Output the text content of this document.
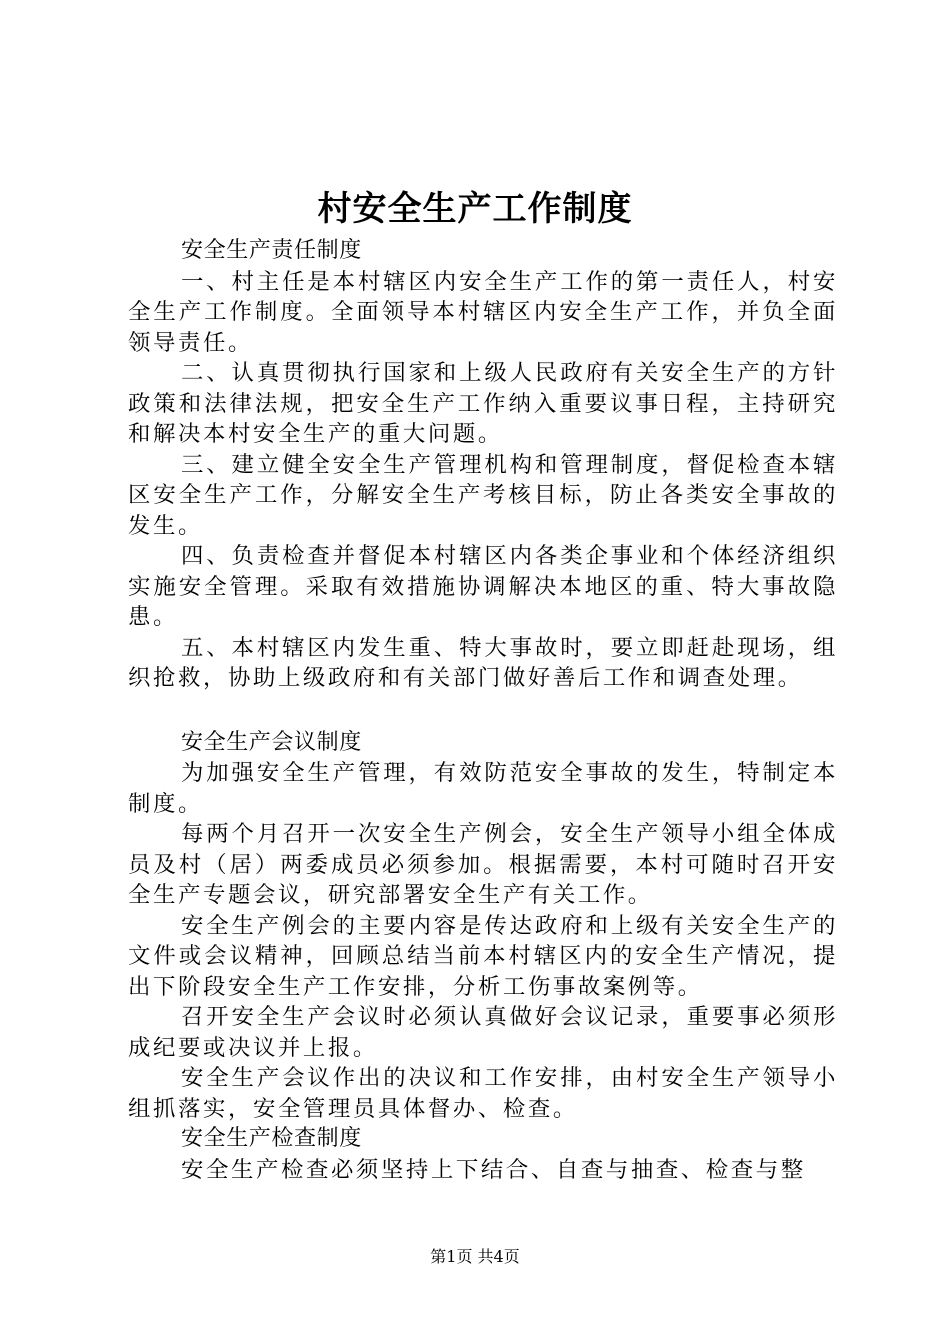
村安全生产工作制度

安全生产责任制度

一、村主任是本村辖区内安全生产工作的第一责任人，村安全生产工作制度。全面领导本村辖区内安全生产工作，并负全面领导责任。

二、认真贯彻执行国家和上级人民政府有关安全生产的方针政策和法律法规，把安全生产工作纳入重要议事日程，主持研究和解决本村安全生产的重大问题。

三、建立健全安全生产管理机构和管理制度，督促检查本辖区安全生产工作，分解安全生产考核目标，防止各类安全事故的发生。

四、负责检查并督促本村辖区内各类企事业和个体经济组织实施安全管理。采取有效措施协调解决本地区的重、特大事故隐患。

五、本村辖区内发生重、特大事故时，要立即赶赴现场，组织抢救，协助上级政府和有关部门做好善后工作和调查处理。

安全生产会议制度

为加强安全生产管理，有效防范安全事故的发生，特制定本制度。

每两个月召开一次安全生产例会，安全生产领导小组全体成员及村（居）两委成员必须参加。根据需要，本村可随时召开安全生产专题会议，研究部署安全生产有关工作。

安全生产例会的主要内容是传达政府和上级有关安全生产的文件或会议精神，回顾总结当前本村辖区内的安全生产情况，提出下阶段安全生产工作安排，分析工伤事故案例等。

召开安全生产会议时必须认真做好会议记录，重要事必须形成纪要或决议并上报。

安全生产会议作出的决议和工作安排，由村安全生产领导小组抓落实，安全管理员具体督办、检查。

安全生产检查制度

安全生产检查必须坚持上下结合、自查与抽查、检查与整

第1页 共4页
